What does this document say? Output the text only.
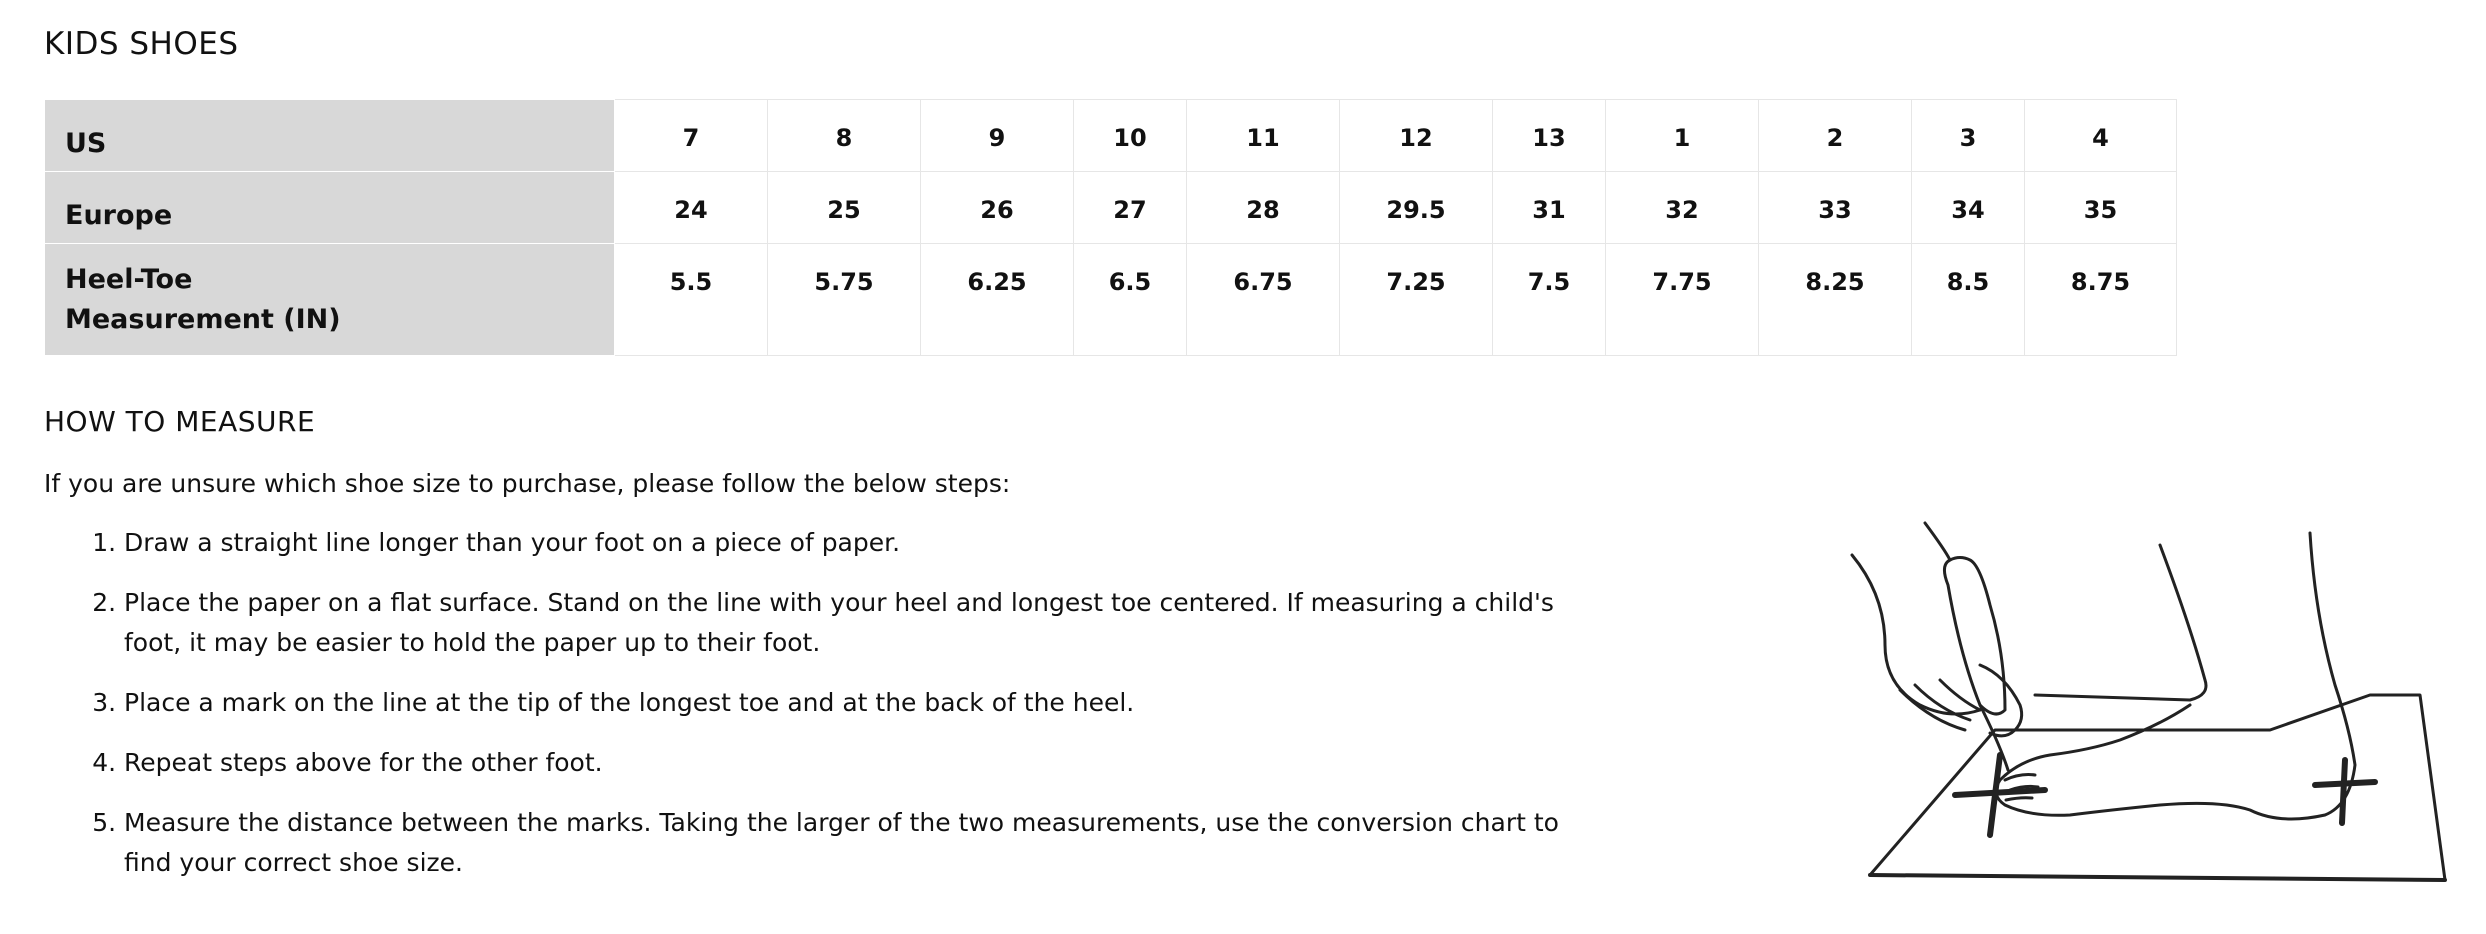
KIDS SHOES
US	7	8	9	10	11	12	13	1	2	3	4
Europe	24	25	26	27	28	29.5	31	32	33	34	35

Heel-Toe
Measurement (IN)	5.5	5.75	6.25	6.5	6.75	7.25	7.5	7.75	8.25	8.5	8.75
HOW TO MEASURE

If you are unsure which shoe size to purchase, please follow the below steps:

1. Draw a straight line longer than your foot on a piece of paper.
2. Place the paper on a flat surface. Stand on the line with your heel and longest toe centered. If measuring a child's foot, it may be easier to hold the paper up to their foot.
3. Place a mark on the line at the tip of the longest toe and at the back of the heel.
4. Repeat steps above for the other foot.
5. Measure the distance between the marks. Taking the larger of the two measurements, use the conversion chart to find your correct shoe size.
